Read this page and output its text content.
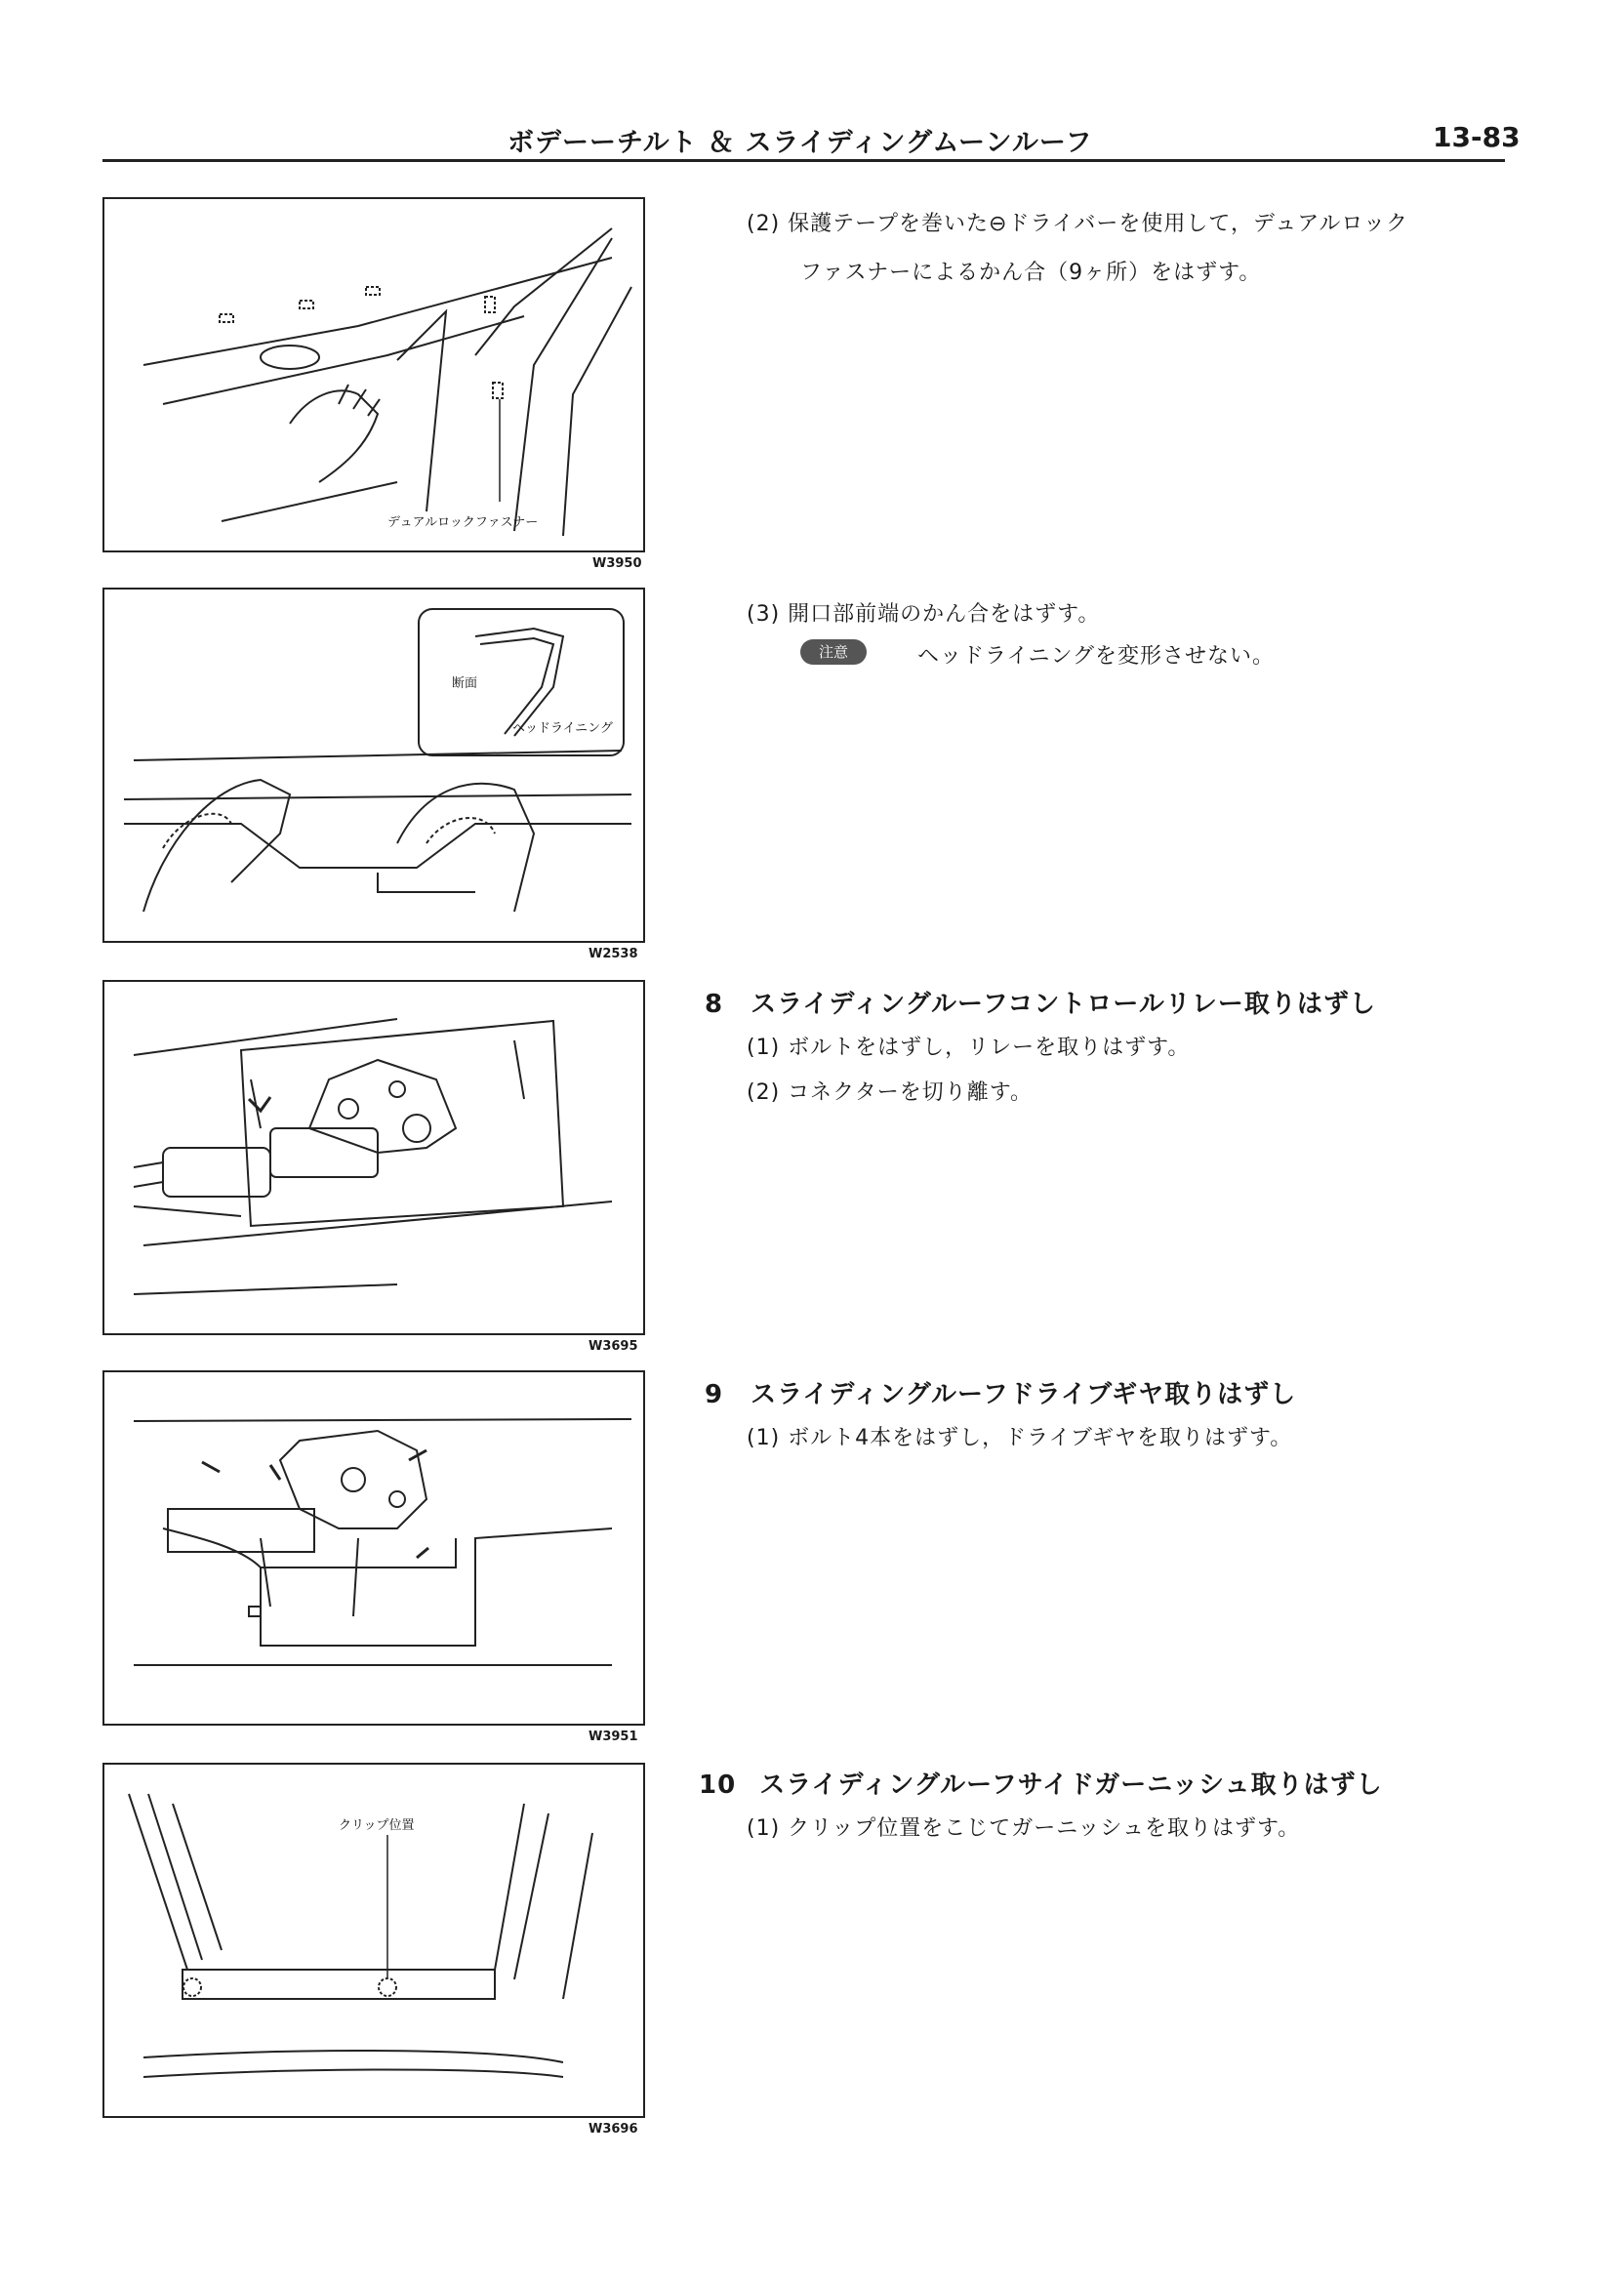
ボデーーチルト ＆ スライディングムーンルーフ	13-83
デュアルロックファスナー
W3950
断面
ヘッドライニング
W2538
W3695
W3951
クリップ位置
W3696
(2) 保護テープを巻いた⊖ドライバーを使用して，デュアルロック
ファスナーによるかん合（9ヶ所）をはずす。
(3) 開口部前端のかん合をはずす。
注意	ヘッドライニングを変形させない。
8 スライディングルーフコントロールリレー取りはずし
(1) ボルトをはずし，リレーを取りはずす。
(2) コネクターを切り離す。
9 スライディングルーフドライブギヤ取りはずし
(1) ボルト4本をはずし，ドライブギヤを取りはずす。
10 スライディングルーフサイドガーニッシュ取りはずし
(1) クリップ位置をこじてガーニッシュを取りはずす。
